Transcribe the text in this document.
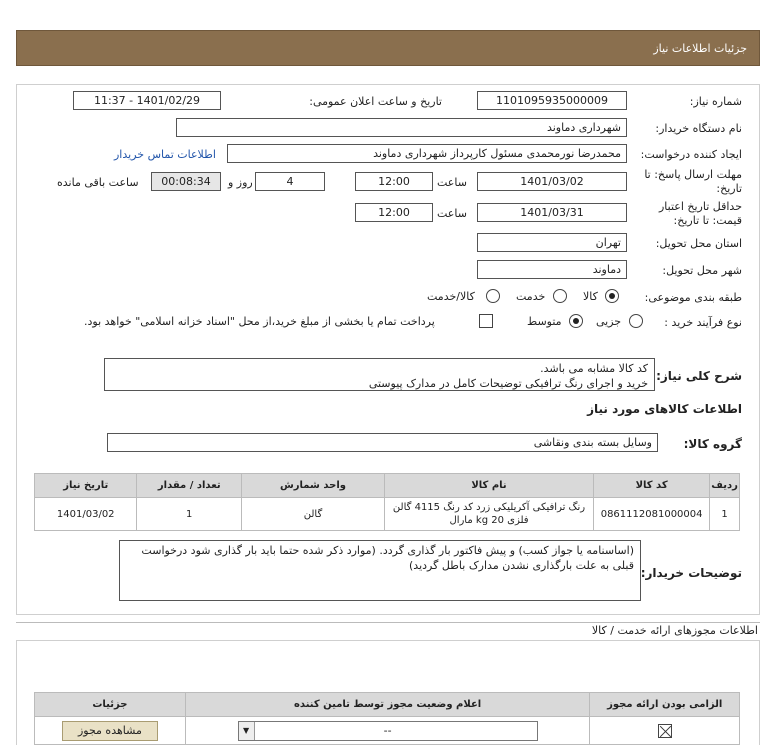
جزئیات اطلاعات نیاز
شماره نیاز:
1101095935000009
تاریخ و ساعت اعلان عمومی:
1401/02/29 - 11:37
نام دستگاه خریدار:
شهرداری دماوند
ایجاد کننده درخواست:
محمدرضا نورمحمدی مسئول کارپرداز شهرداری دماوند
اطلاعات تماس خریدار
مهلت ارسال پاسخ: تا
تاریخ:
1401/03/02
ساعت
12:00
4
روز و
00:08:34
ساعت باقی مانده
حداقل تاریخ اعتبار
قیمت: تا تاریخ:
1401/03/31
ساعت
12:00
استان محل تحویل:
تهران
شهر محل تحویل:
دماوند
طبقه بندی موضوعی:
کالا
خدمت
کالا/خدمت
نوع فرآیند خرید :
جزیی
متوسط
پرداخت تمام یا بخشی از مبلغ خرید،از محل "اسناد خزانه اسلامی" خواهد بود.
شرح کلی نیاز:
کد کالا مشابه می باشد.
خرید و اجرای رنگ ترافیکی توضیحات کامل در مدارک پیوستی
اطلاعات کالاهای مورد نیاز
گروه کالا:
وسایل بسته بندی ونقاشی
ردیف	کد کالا	نام کالا	واحد شمارش	تعداد / مقدار	تاریخ نیاز
1	0861112081000004	رنگ ترافیکی آکریلیکی زرد کد رنگ 4115 گالن فلزی 20 kg مارال	گالن	1	1401/03/02
توضیحات خریدار:
(اساسنامه یا جواز کسب) و پیش فاکتور بار گذاری گردد. (موارد ذکر شده حتما باید بار گذاری شود درخواست قبلی به علت بارگذاری نشدن مدارک باطل گردید)
اطلاعات مجوزهای ارائه خدمت / کالا
الزامی بودن ارائه مجوز	اعلام وضعیت مجوز توسط تامین کننده	جزئیات

	▼ --	مشاهده مجوز
